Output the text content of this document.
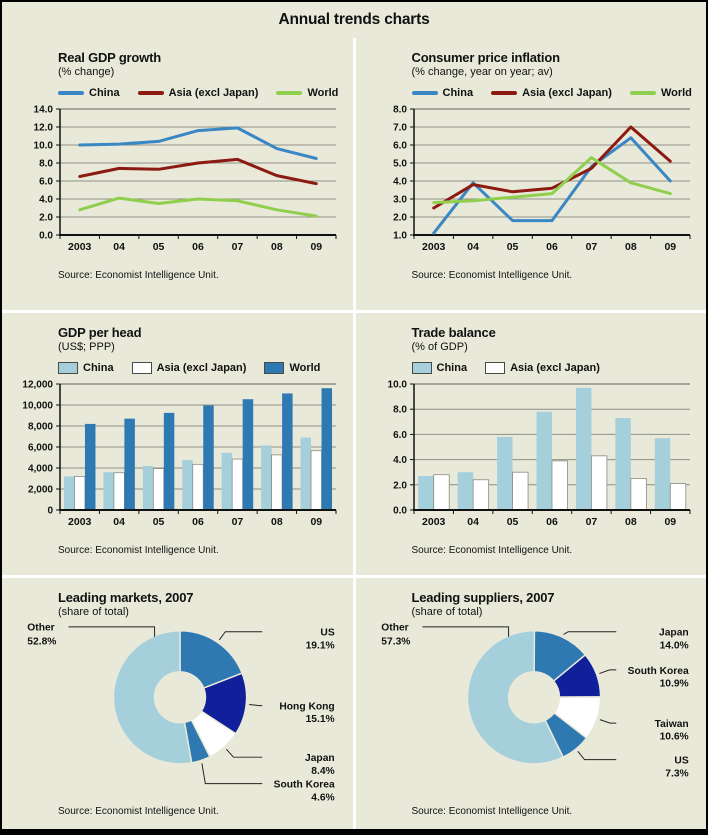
Annual trends charts
Real GDP growth
(% change)
China	Asia (excl Japan)	World
0.0
2.0
4.0
6.0
8.0
10.0
12.0
14.0
2003 04	05	06	07	08	09
Source: Economist Intelligence Unit.
Consumer price inflation
(% change, year on year; av)
China	Asia (excl Japan)	World
1.0
2.0
3.0
4.0
5.0
6.0
7.0
8.0
2003 04	05	06	07	08	09
Source: Economist Intelligence Unit.
GDP per head
(US$; PPP)
China	Asia (excl Japan)	World
0
2,000
4,000
6,000
8,000
10,000
12,000
2003 04	05	06	07	08	09
Source: Economist Intelligence Unit.
Trade balance
(% of GDP)
China	Asia (excl Japan)
0.0
2.0
4.0
6.0
8.0
10.0
2003 04	05	06	07	08	09
Source: Economist Intelligence Unit.
Leading markets, 2007
(share of total)
Other
52.8%
US
19.1%
Hong Kong
15.1%
Japan
8.4%
South Korea
4.6%
Source: Economist Intelligence Unit.
Leading suppliers, 2007
(share of total)
Other
57.3%
Japan
14.0%
South Korea
10.9%
Taiwan
10.6%
US
7.3%
Source: Economist Intelligence Unit.
